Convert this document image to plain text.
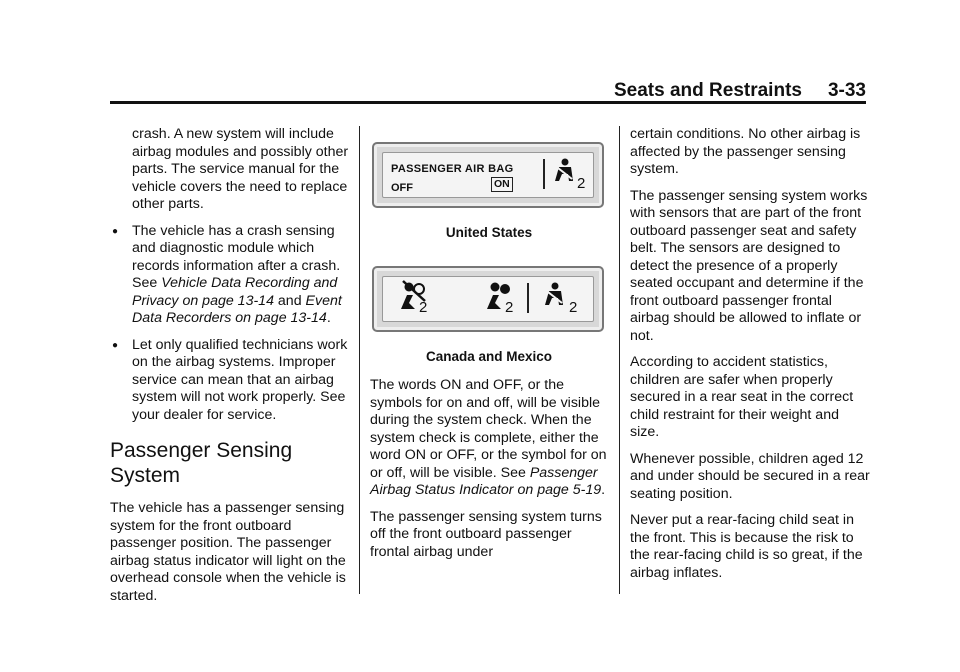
Seats and Restraints 3-33

crash. A new system will include airbag modules and possibly other parts. The service manual for the vehicle covers the need to replace other parts.

● The vehicle has a crash sensing and diagnostic module which records information after a crash. See Vehicle Data Recording and Privacy on page 13-14 and Event Data Recorders on page 13-14.
● Let only qualified technicians work on the airbag systems. Improper service can mean that an airbag system will not work properly. See your dealer for service.
Passenger Sensing System

The vehicle has a passenger sensing system for the front outboard passenger position. The passenger airbag status indicator will light on the overhead console when the vehicle is started.

PASSENGER AIR BAG
OFF	ON	2
United States
2	2	2
Canada and Mexico

The words ON and OFF, or the symbols for on and off, will be visible during the system check. When the system check is complete, either the word ON or OFF, or the symbol for on or off, will be visible. See Passenger Airbag Status Indicator on page 5-19.

The passenger sensing system turns off the front outboard passenger frontal airbag under

certain conditions. No other airbag is affected by the passenger sensing system.

The passenger sensing system works with sensors that are part of the front outboard passenger seat and safety belt. The sensors are designed to detect the presence of a properly seated occupant and determine if the front outboard passenger frontal airbag should be allowed to inflate or not.

According to accident statistics, children are safer when properly secured in a rear seat in the correct child restraint for their weight and size.

Whenever possible, children aged 12 and under should be secured in a rear seating position.

Never put a rear-facing child seat in the front. This is because the risk to the rear-facing child is so great, if the airbag inflates.
